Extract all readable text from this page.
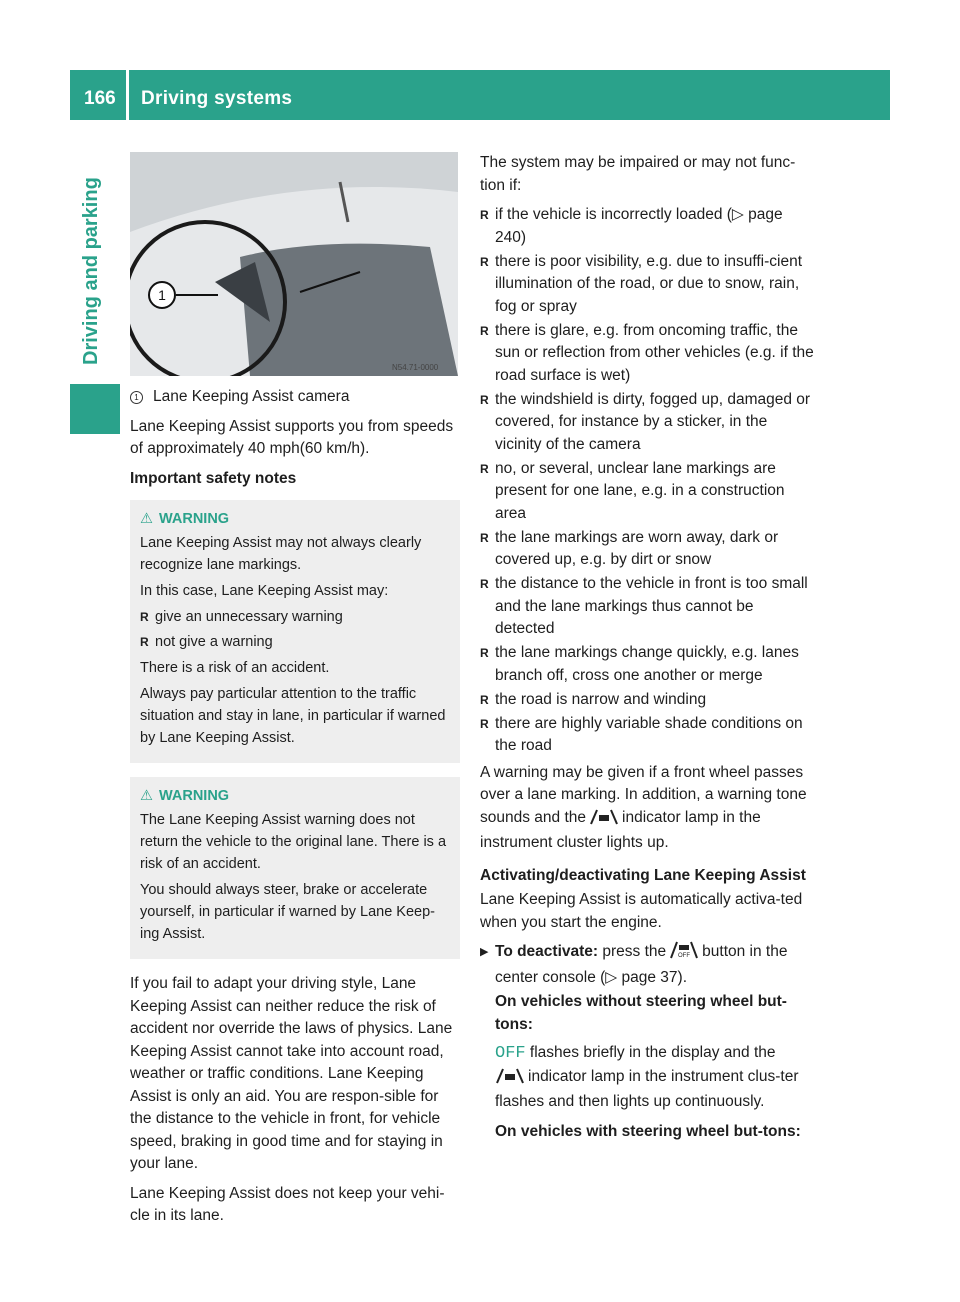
166 Driving systems
Driving and parking	1
N54.71-0000

1 Lane Keeping Assist camera

Lane Keeping Assist supports you from speeds of approximately 40 mph(60 km/h).

Important safety notes

⚠ WARNING

Lane Keeping Assist may not always clearly recognize lane markings.

In this case, Lane Keeping Assist may:

R give an unnecessary warning
R not give a warning

There is a risk of an accident.

Always pay particular attention to the traffic situation and stay in lane, in particular if warned by Lane Keeping Assist.

⚠ WARNING

The Lane Keeping Assist warning does not return the vehicle to the original lane. There is a risk of an accident.

You should always steer, brake or accelerate yourself, in particular if warned by Lane Keep-ing Assist.

If you fail to adapt your driving style, Lane Keeping Assist can neither reduce the risk of accident nor override the laws of physics. Lane Keeping Assist cannot take into account road, weather or traffic conditions. Lane Keeping Assist is only an aid. You are respon-sible for the distance to the vehicle in front, for vehicle speed, braking in good time and for staying in your lane.

Lane Keeping Assist does not keep your vehi-cle in its lane.

The system may be impaired or may not func-tion if:

R if the vehicle is incorrectly loaded (▷ page 240)
R there is poor visibility, e.g. due to insuffi-cient illumination of the road, or due to snow, rain, fog or spray
R there is glare, e.g. from oncoming traffic, the sun or reflection from other vehicles (e.g. if the road surface is wet)
R the windshield is dirty, fogged up, damaged or covered, for instance by a sticker, in the vicinity of the camera
R no, or several, unclear lane markings are present for one lane, e.g. in a construction area
R the lane markings are worn away, dark or covered up, e.g. by dirt or snow
R the distance to the vehicle in front is too small and the lane markings thus cannot be detected
R the lane markings change quickly, e.g. lanes branch off, cross one another or merge
R the road is narrow and winding
R there are highly variable shade conditions on the road

A warning may be given if a front wheel passes over a lane marking. In addition, a warning tone sounds and the indicator lamp in the instrument cluster lights up.

Activating/deactivating Lane Keeping Assist

Lane Keeping Assist is automatically activa-ted when you start the engine.

▶ To deactivate: press the OFF button in the center console (▷ page 37).

On vehicles without steering wheel but-tons:

OFF flashes briefly in the display and the
indicator lamp in the instrument clus-ter flashes and then lights up continuously.

On vehicles with steering wheel but-tons:
